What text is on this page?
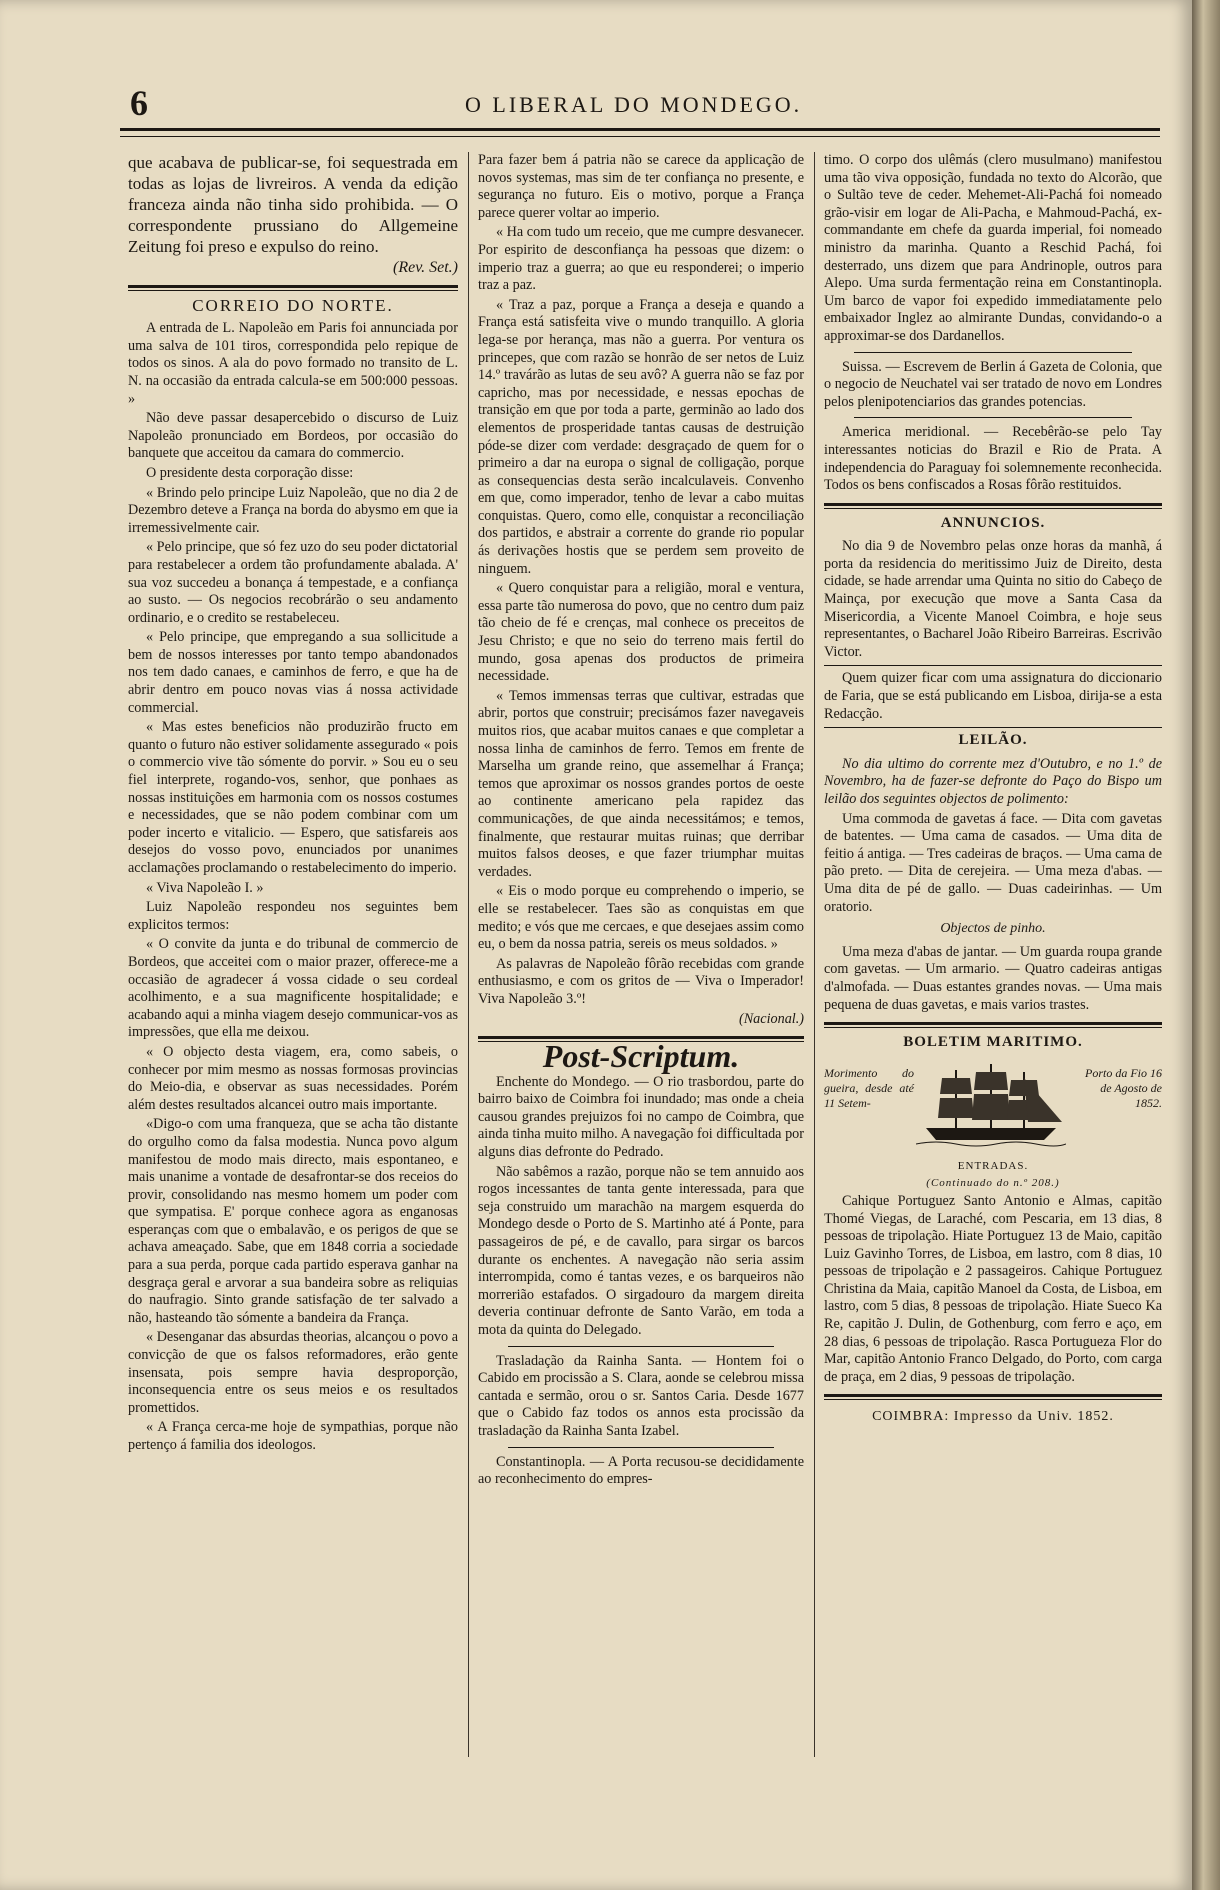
6	O LIBERAL DO MONDEGO.

que acabava de publicar-se, foi sequestrada em todas as lojas de livreiros. A venda da edição franceza ainda não tinha sido prohibida. — O correspondente prussiano do Allgemeine Zeitung foi preso e expulso do reino.

(Rev. Set.)
CORREIO DO NORTE.

A entrada de L. Napoleão em Paris foi annunciada por uma salva de 101 tiros, correspondida pelo repique de todos os sinos. A ala do povo formado no transito de L. N. na occasião da entrada calcula-se em 500:000 pessoas. »

Não deve passar desapercebido o discurso de Luiz Napoleão pronunciado em Bordeos, por occasião do banquete que acceitou da camara do commercio.

O presidente desta corporação disse:

« Brindo pelo principe Luiz Napoleão, que no dia 2 de Dezembro deteve a França na borda do abysmo em que ia irremessivelmente cair.

« Pelo principe, que só fez uzo do seu poder dictatorial para restabelecer a ordem tão profundamente abalada. A' sua voz succedeu a bonança á tempestade, e a confiança ao susto. — Os negocios recobrárão o seu andamento ordinario, e o credito se restabeleceu.

« Pelo principe, que empregando a sua sollicitude a bem de nossos interesses por tanto tempo abandonados nos tem dado canaes, e caminhos de ferro, e que ha de abrir dentro em pouco novas vias á nossa actividade commercial.

« Mas estes beneficios não produzirão fructo em quanto o futuro não estiver solidamente assegurado « pois o commercio vive tão sómente do porvir. » Sou eu o seu fiel interprete, rogando-vos, senhor, que ponhaes as nossas instituições em harmonia com os nossos costumes e necessidades, que se não podem combinar com um poder incerto e vitalicio. — Espero, que satisfareis aos desejos do vosso povo, enunciados por unanimes acclamações proclamando o restabelecimento do imperio.

« Viva Napoleão I. »

Luiz Napoleão respondeu nos seguintes bem explicitos termos:

« O convite da junta e do tribunal de commercio de Bordeos, que acceitei com o maior prazer, offerece-me a occasião de agradecer á vossa cidade o seu cordeal acolhimento, e a sua magnificente hospitalidade; e acabando aqui a minha viagem desejo communicar-vos as impressões, que ella me deixou.

« O objecto desta viagem, era, como sabeis, o conhecer por mim mesmo as nossas formosas provincias do Meio-dia, e observar as suas necessidades. Porém além destes resultados alcancei outro mais importante.

«Digo-o com uma franqueza, que se acha tão distante do orgulho como da falsa modestia. Nunca povo algum manifestou de modo mais directo, mais espontaneo, e mais unanime a vontade de desafrontar-se dos receios do provir, consolidando nas mesmo homem um poder com que sympatisa. E' porque conhece agora as enganosas esperanças com que o embalavão, e os perigos de que se achava ameaçado. Sabe, que em 1848 corria a sociedade para a sua perda, porque cada partido esperava ganhar na desgraça geral e arvorar a sua bandeira sobre as reliquias do naufragio. Sinto grande satisfação de ter salvado a não, hasteando tão sómente a bandeira da França.

« Desenganar das absurdas theorias, alcançou o povo a convicção de que os falsos reformadores, erão gente insensata, pois sempre havia desproporção, inconsequencia entre os seus meios e os resultados promettidos.

« A França cerca-me hoje de sympathias, porque não pertenço á familia dos ideologos.

Para fazer bem á patria não se carece da applicação de novos systemas, mas sim de ter confiança no presente, e segurança no futuro. Eis o motivo, porque a França parece querer voltar ao imperio.

« Ha com tudo um receio, que me cumpre desvanecer. Por espirito de desconfiança ha pessoas que dizem: o imperio traz a guerra; ao que eu responderei; o imperio traz a paz.

« Traz a paz, porque a França a deseja e quando a França está satisfeita vive o mundo tranquillo. A gloria lega-se por herança, mas não a guerra. Por ventura os princepes, que com razão se honrão de ser netos de Luiz 14.º travárão as lutas de seu avô? A guerra não se faz por capricho, mas por necessidade, e nessas epochas de transição em que por toda a parte, germinão ao lado dos elementos de prosperidade tantas causas de destruição póde-se dizer com verdade: desgraçado de quem for o primeiro a dar na europa o signal de colligação, porque as consequencias desta serão incalculaveis. Convenho em que, como imperador, tenho de levar a cabo muitas conquistas. Quero, como elle, conquistar a reconciliação dos partidos, e abstrair a corrente do grande rio popular ás derivações hostis que se perdem sem proveito de ninguem.

« Quero conquistar para a religião, moral e ventura, essa parte tão numerosa do povo, que no centro dum paiz tão cheio de fé e crenças, mal conhece os preceitos de Jesu Christo; e que no seio do terreno mais fertil do mundo, gosa apenas dos productos de primeira necessidade.

« Temos immensas terras que cultivar, estradas que abrir, portos que construir; precisámos fazer navegaveis muitos rios, que acabar muitos canaes e que completar a nossa linha de caminhos de ferro. Temos em frente de Marselha um grande reino, que assemelhar á França; temos que aproximar os nossos grandes portos de oeste ao continente americano pela rapidez das communicações, de que ainda necessitámos; e temos, finalmente, que restaurar muitas ruinas; que derribar muitos falsos deoses, e que fazer triumphar muitas verdades.

« Eis o modo porque eu comprehendo o imperio, se elle se restabelecer. Taes são as conquistas em que medito; e vós que me cercaes, e que desejaes assim como eu, o bem da nossa patria, sereis os meus soldados. »

As palavras de Napoleão fôrão recebidas com grande enthusiasmo, e com os gritos de — Viva o Imperador! Viva Napoleão 3.º!

(Nacional.)
Post-Scriptum.

Enchente do Mondego. — O rio trasbordou, parte do bairro baixo de Coimbra foi inundado; mas onde a cheia causou grandes prejuizos foi no campo de Coimbra, que ainda tinha muito milho. A navegação foi difficultada por alguns dias defronte do Pedrado.

Não sabêmos a razão, porque não se tem annuido aos rogos incessantes de tanta gente interessada, para que seja construido um marachão na margem esquerda do Mondego desde o Porto de S. Martinho até á Ponte, para passageiros de pé, e de cavallo, para sirgar os barcos durante os enchentes. A navegação não seria assim interrompida, como é tantas vezes, e os barqueiros não morrerião estafados. O sirgadouro da margem direita deveria continuar defronte de Santo Varão, em toda a mota da quinta do Delegado.

Trasladação da Rainha Santa. — Hontem foi o Cabido em procissão a S. Clara, aonde se celebrou missa cantada e sermão, orou o sr. Santos Caria. Desde 1677 que o Cabido faz todos os annos esta procissão da trasladação da Rainha Santa Izabel.

Constantinopla. — A Porta recusou-se decididamente ao reconhecimento do empres-

timo. O corpo dos ulêmás (clero musulmano) manifestou uma tão viva opposição, fundada no texto do Alcorão, que o Sultão teve de ceder. Mehemet-Ali-Pachá foi nomeado grão-visir em logar de Ali-Pacha, e Mahmoud-Pachá, ex-commandante em chefe da guarda imperial, foi nomeado ministro da marinha. Quanto a Reschid Pachá, foi desterrado, uns dizem que para Andrinople, outros para Alepo. Uma surda fermentação reina em Constantinopla. Um barco de vapor foi expedido immediatamente pelo embaixador Inglez ao almirante Dundas, convidando-o a approximar-se dos Dardanellos.

Suissa. — Escrevem de Berlin á Gazeta de Colonia, que o negocio de Neuchatel vai ser tratado de novo em Londres pelos plenipotenciarios das grandes potencias.

America meridional. — Recebêrão-se pelo Tay interessantes noticias do Brazil e Rio de Prata. A independencia do Paraguay foi solemnemente reconhecida. Todos os bens confiscados a Rosas fôrão restituidos.

ANNUNCIOS.

No dia 9 de Novembro pelas onze horas da manhã, á porta da residencia do meritissimo Juiz de Direito, desta cidade, se hade arrendar uma Quinta no sitio do Cabeço de Mainça, por execução que move a Santa Casa da Misericordia, a Vicente Manoel Coimbra, e hoje seus representantes, o Bacharel João Ribeiro Barreiras. Escrivão Victor.

Quem quizer ficar com uma assignatura do diccionario de Faria, que se está publicando em Lisboa, dirija-se a esta Redacção.

LEILÃO.

No dia ultimo do corrente mez d'Outubro, e no 1.º de Novembro, ha de fazer-se defronte do Paço do Bispo um leilão dos seguintes objectos de polimento:

Uma commoda de gavetas á face. — Dita com gavetas de batentes. — Uma cama de casados. — Uma dita de feitio á antiga. — Tres cadeiras de braços. — Uma cama de pão preto. — Dita de cerejeira. — Uma meza d'abas. — Uma dita de pé de gallo. — Duas cadeirinhas. — Um oratorio.

Objectos de pinho.

Uma meza d'abas de jantar. — Um guarda roupa grande com gavetas. — Um armario. — Quatro cadeiras antigas d'almofada. — Duas estantes grandes novas. — Uma mais pequena de duas gavetas, e mais varios trastes.

BOLETIM MARITIMO.
Morimento do gueira, desde até 11 Setem-
Porto da Fio 16 de Agosto de 1852.
ENTRADAS.
(Continuado do n.º 208.)

Cahique Portuguez Santo Antonio e Almas, capitão Thomé Viegas, de Laraché, com Pescaria, em 13 dias, 8 pessoas de tripolação. Hiate Portuguez 13 de Maio, capitão Luiz Gavinho Torres, de Lisboa, em lastro, com 8 dias, 10 pessoas de tripolação e 2 passageiros. Cahique Portuguez Christina da Maia, capitão Manoel da Costa, de Lisboa, em lastro, com 5 dias, 8 pessoas de tripolação. Hiate Sueco Ka Re, capitão J. Dulin, de Gothenburg, com ferro e aço, em 28 dias, 6 pessoas de tripolação. Rasca Portugueza Flor do Mar, capitão Antonio Franco Delgado, do Porto, com carga de praça, em 2 dias, 9 pessoas de tripolação.

COIMBRA: Impresso da Univ. 1852.
